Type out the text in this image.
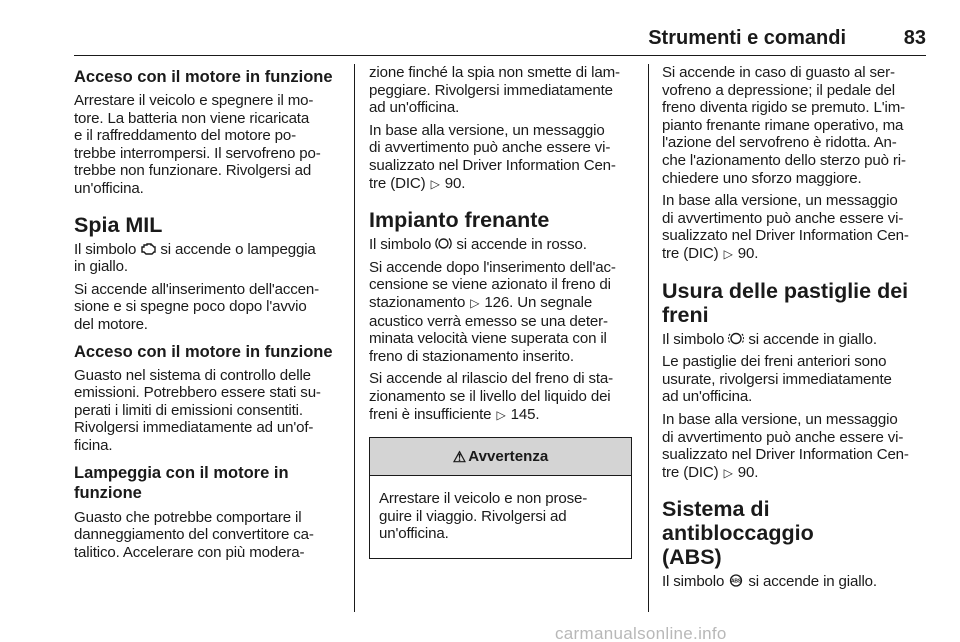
Strumenti e comandi	83
Acceso con il motore in funzione
Arrestare il veicolo e spegnere il mo-
tore. La batteria non viene ricaricata
e il raffreddamento del motore po-
trebbe interrompersi. Il servofreno po-
trebbe non funzionare. Rivolgersi ad
un'officina.
Spia MIL
Il simbolo si accende o lampeggia
in giallo.
Si accende all'inserimento dell'accen-
sione e si spegne poco dopo l'avvio
del motore.
Acceso con il motore in funzione
Guasto nel sistema di controllo delle
emissioni. Potrebbero essere stati su-
perati i limiti di emissioni consentiti.
Rivolgersi immediatamente ad un'of-
ficina.
Lampeggia con il motore in
funzione
Guasto che potrebbe comportare il
danneggiamento del convertitore ca-
talitico. Accelerare con più modera-
zione finché la spia non smette di lam-
peggiare. Rivolgersi immediatamente
ad un'officina.
In base alla versione, un messaggio
di avvertimento può anche essere vi-
sualizzato nel Driver Information Cen-
tre (DIC) ▷ 90.
Impianto frenante
Il simbolo si accende in rosso.
Si accende dopo l'inserimento dell'ac-
censione se viene azionato il freno di
stazionamento ▷ 126. Un segnale
acustico verrà emesso se una deter-
minata velocità viene superata con il
freno di stazionamento inserito.
Si accende al rilascio del freno di sta-
zionamento se il livello del liquido dei
freni è insufficiente ▷ 145.
⚠ Avvertenza
Arrestare il veicolo e non prose-
guire il viaggio. Rivolgersi ad
un'officina.
Si accende in caso di guasto al ser-
vofreno a depressione; il pedale del
freno diventa rigido se premuto. L'im-
pianto frenante rimane operativo, ma
l'azione del servofreno è ridotta. An-
che l'azionamento dello sterzo può ri-
chiedere uno sforzo maggiore.
In base alla versione, un messaggio
di avvertimento può anche essere vi-
sualizzato nel Driver Information Cen-
tre (DIC) ▷ 90.
Usura delle pastiglie dei
freni
Il simbolo si accende in giallo.
Le pastiglie dei freni anteriori sono
usurate, rivolgersi immediatamente
ad un'officina.
In base alla versione, un messaggio
di avvertimento può anche essere vi-
sualizzato nel Driver Information Cen-
tre (DIC) ▷ 90.
Sistema di antibloccaggio
(ABS)
Il simbolo ABS si accende in giallo.
carmanualsonline.info
